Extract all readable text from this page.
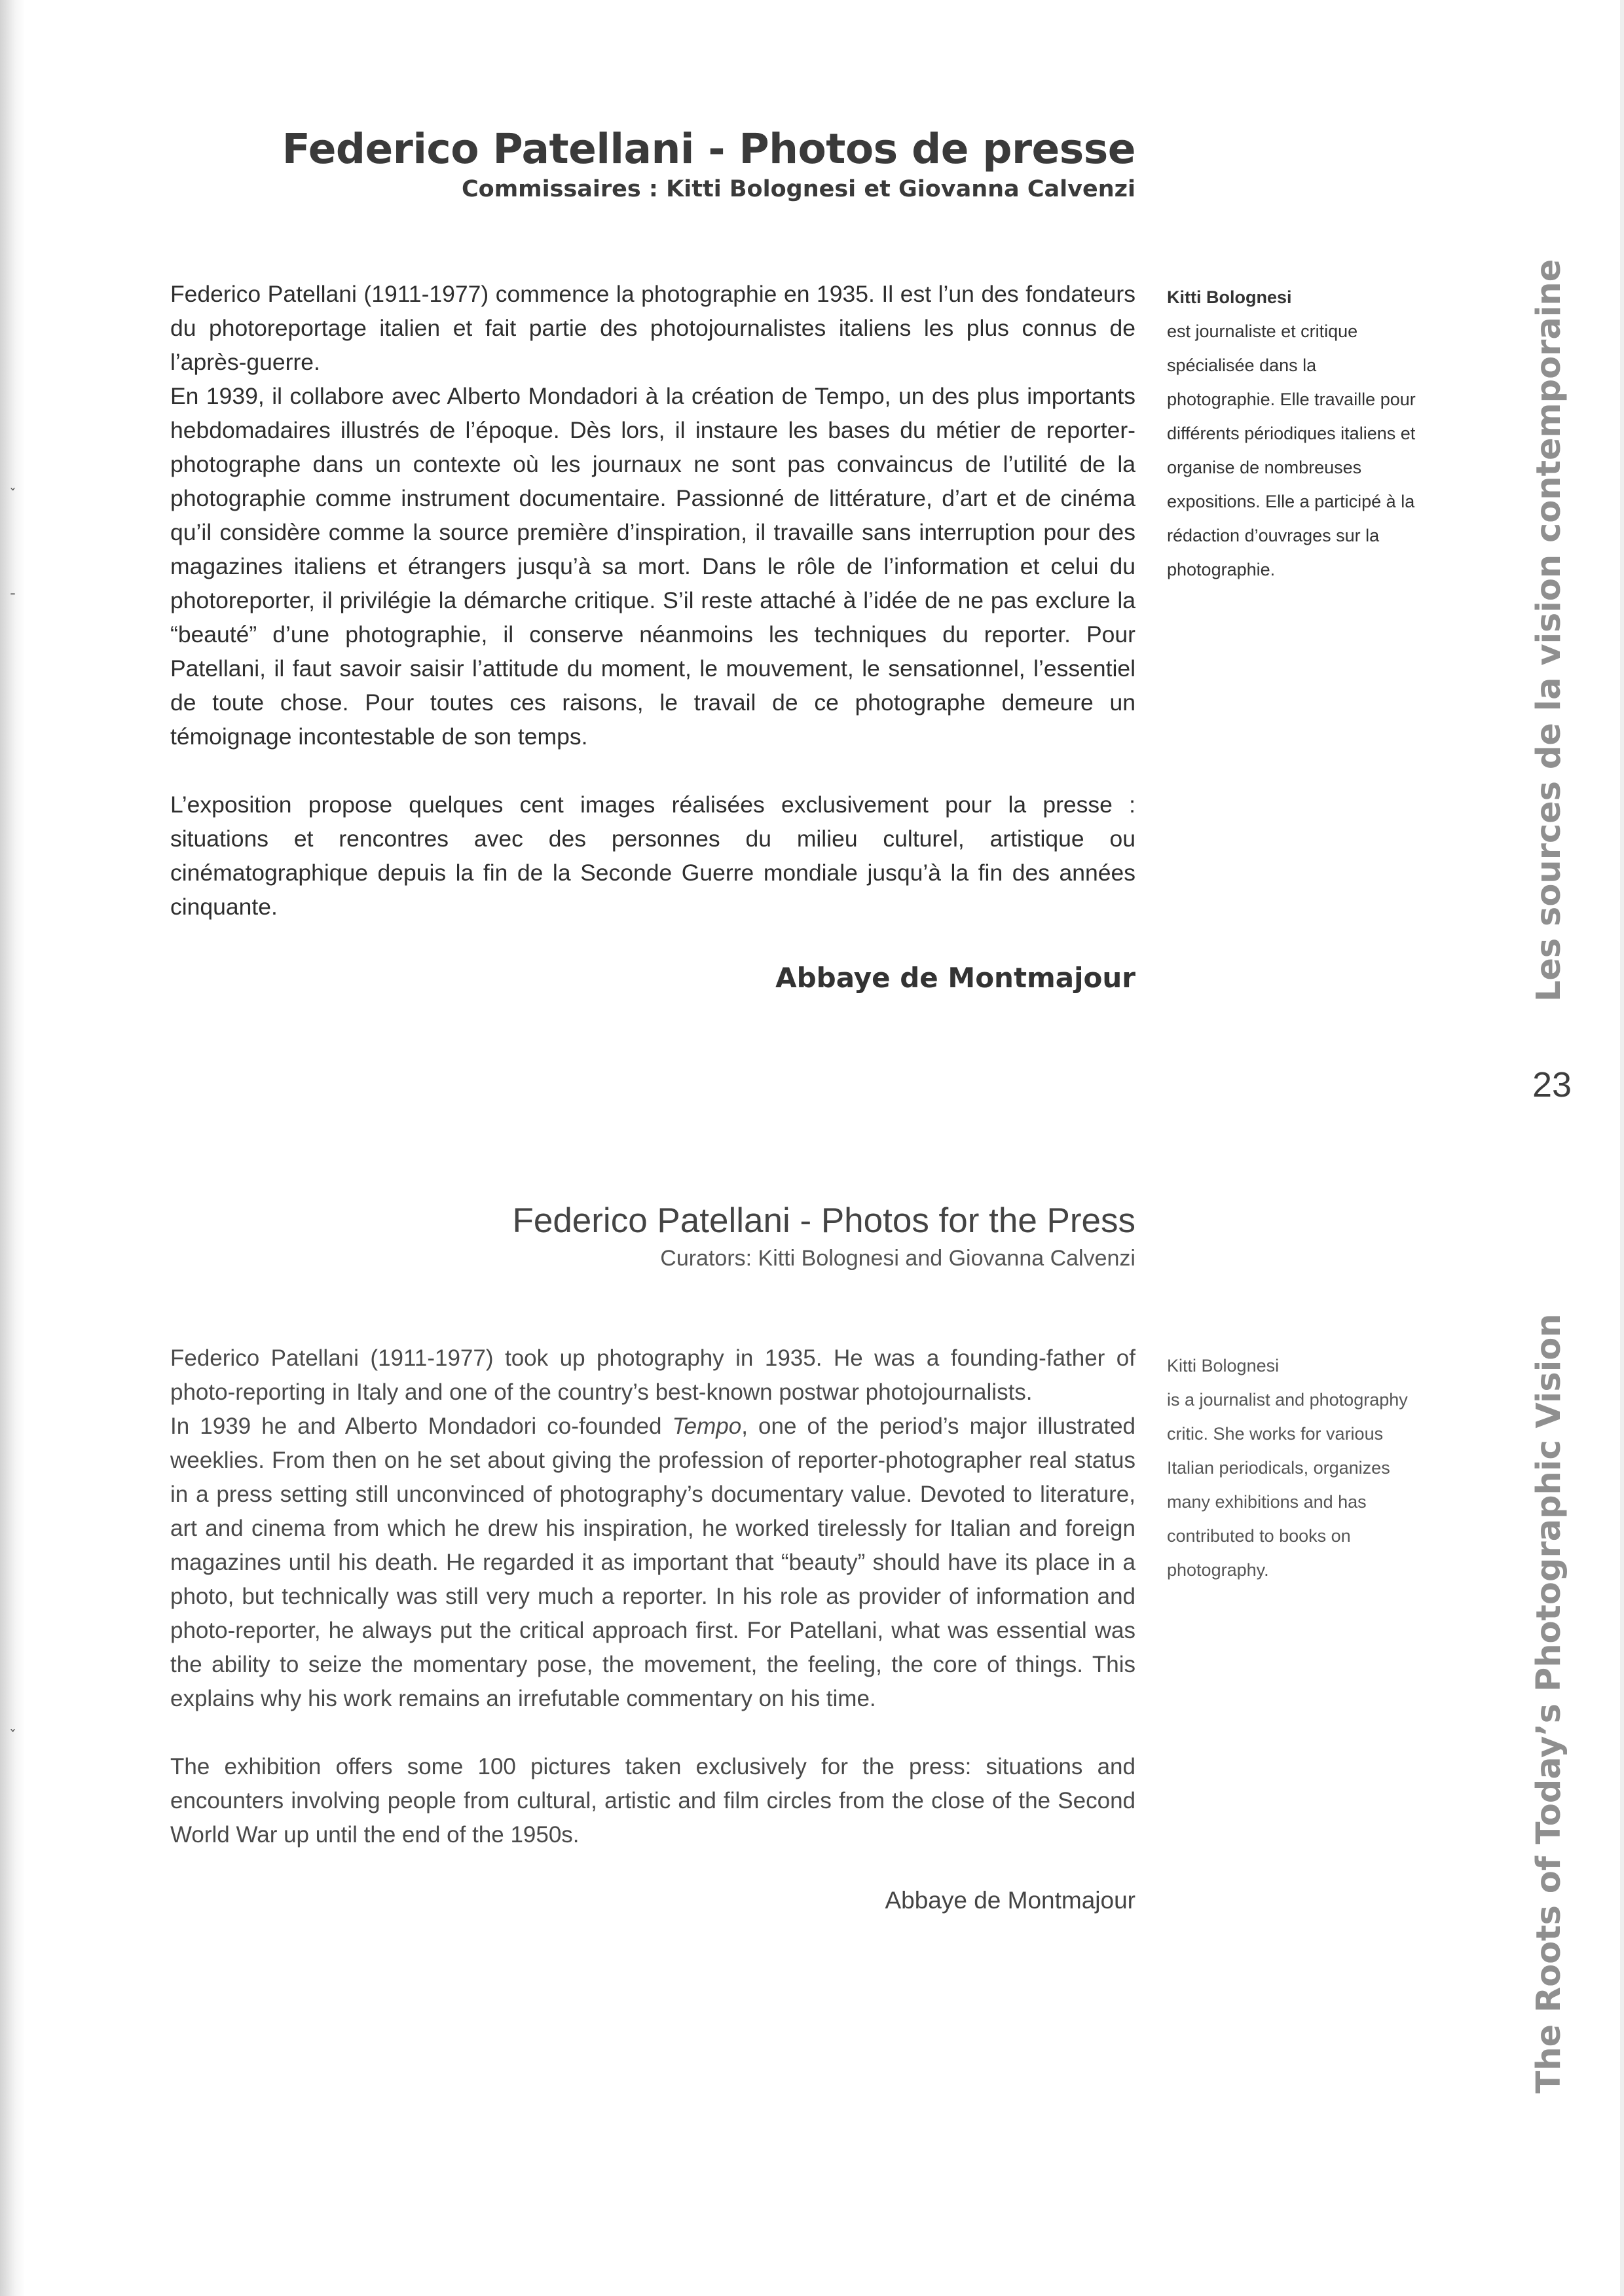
ˇ
ˉ
ˇ
Federico Patellani - Photos de presse
Commissaires : Kitti Bolognesi et Giovanna Calvenzi

Federico Patellani (1911-1977) commence la photographie en 1935. Il est l’un des fondateurs du photoreportage italien et fait partie des photojournalistes italiens les plus connus de l’après-guerre.

En 1939, il collabore avec Alberto Mondadori à la création de Tempo, un des plus importants hebdomadaires illustrés de l’époque. Dès lors, il instaure les bases du métier de reporter-photographe dans un contexte où les journaux ne sont pas convaincus de l’utilité de la photographie comme instrument documentaire. Passionné de littérature, d’art et de cinéma qu’il considère comme la source première d’inspiration, il travaille sans interruption pour des magazines italiens et étrangers jusqu’à sa mort. Dans le rôle de l’information et celui du photoreporter, il privilégie la démarche critique. S’il reste attaché à l’idée de ne pas exclure la “beauté” d’une photographie, il conserve néanmoins les techniques du reporter. Pour Patellani, il faut savoir saisir l’attitude du moment, le mouvement, le sensationnel, l’essentiel de toute chose. Pour toutes ces raisons, le travail de ce photographe demeure un témoignage incontestable de son temps.

L’exposition propose quelques cent images réalisées exclusivement pour la presse : situations et rencontres avec des personnes du milieu culturel, artistique ou cinématographique depuis la fin de la Seconde Guerre mondiale jusqu’à la fin des années cinquante.

Abbaye de Montmajour
Kitti Bolognesi
est journaliste et critique spécialisée dans la photographie. Elle travaille pour différents périodiques italiens et organise de nombreuses expositions. Elle a participé à la rédaction d’ouvrages sur la photographie.
Federico Patellani - Photos for the Press
Curators: Kitti Bolognesi and Giovanna Calvenzi

Federico Patellani (1911-1977) took up photography in 1935. He was a founding-father of photo-reporting in Italy and one of the country’s best-known postwar photojournalists.

In 1939 he and Alberto Mondadori co-founded Tempo, one of the period’s major illustrated weeklies. From then on he set about giving the profession of reporter-photographer real status in a press setting still unconvinced of photography’s documentary value. Devoted to literature, art and cinema from which he drew his inspiration, he worked tirelessly for Italian and foreign magazines until his death. He regarded it as important that “beauty” should have its place in a photo, but technically was still very much a reporter. In his role as provider of information and photo-reporter, he always put the critical approach first. For Patellani, what was essential was the ability to seize the momentary pose, the movement, the feeling, the core of things. This explains why his work remains an irrefutable commentary on his time.

The exhibition offers some 100 pictures taken exclusively for the press: situations and encounters involving people from cultural, artistic and film circles from the close of the Second World War up until the end of the 1950s.

Abbaye de Montmajour
Kitti Bolognesi
is a journalist and photography critic. She works for various Italian periodicals, organizes many exhibitions and has contributed to books on photography.
23
Les sources de la vision contemporaine
The Roots of Today’s Photographic Vision
